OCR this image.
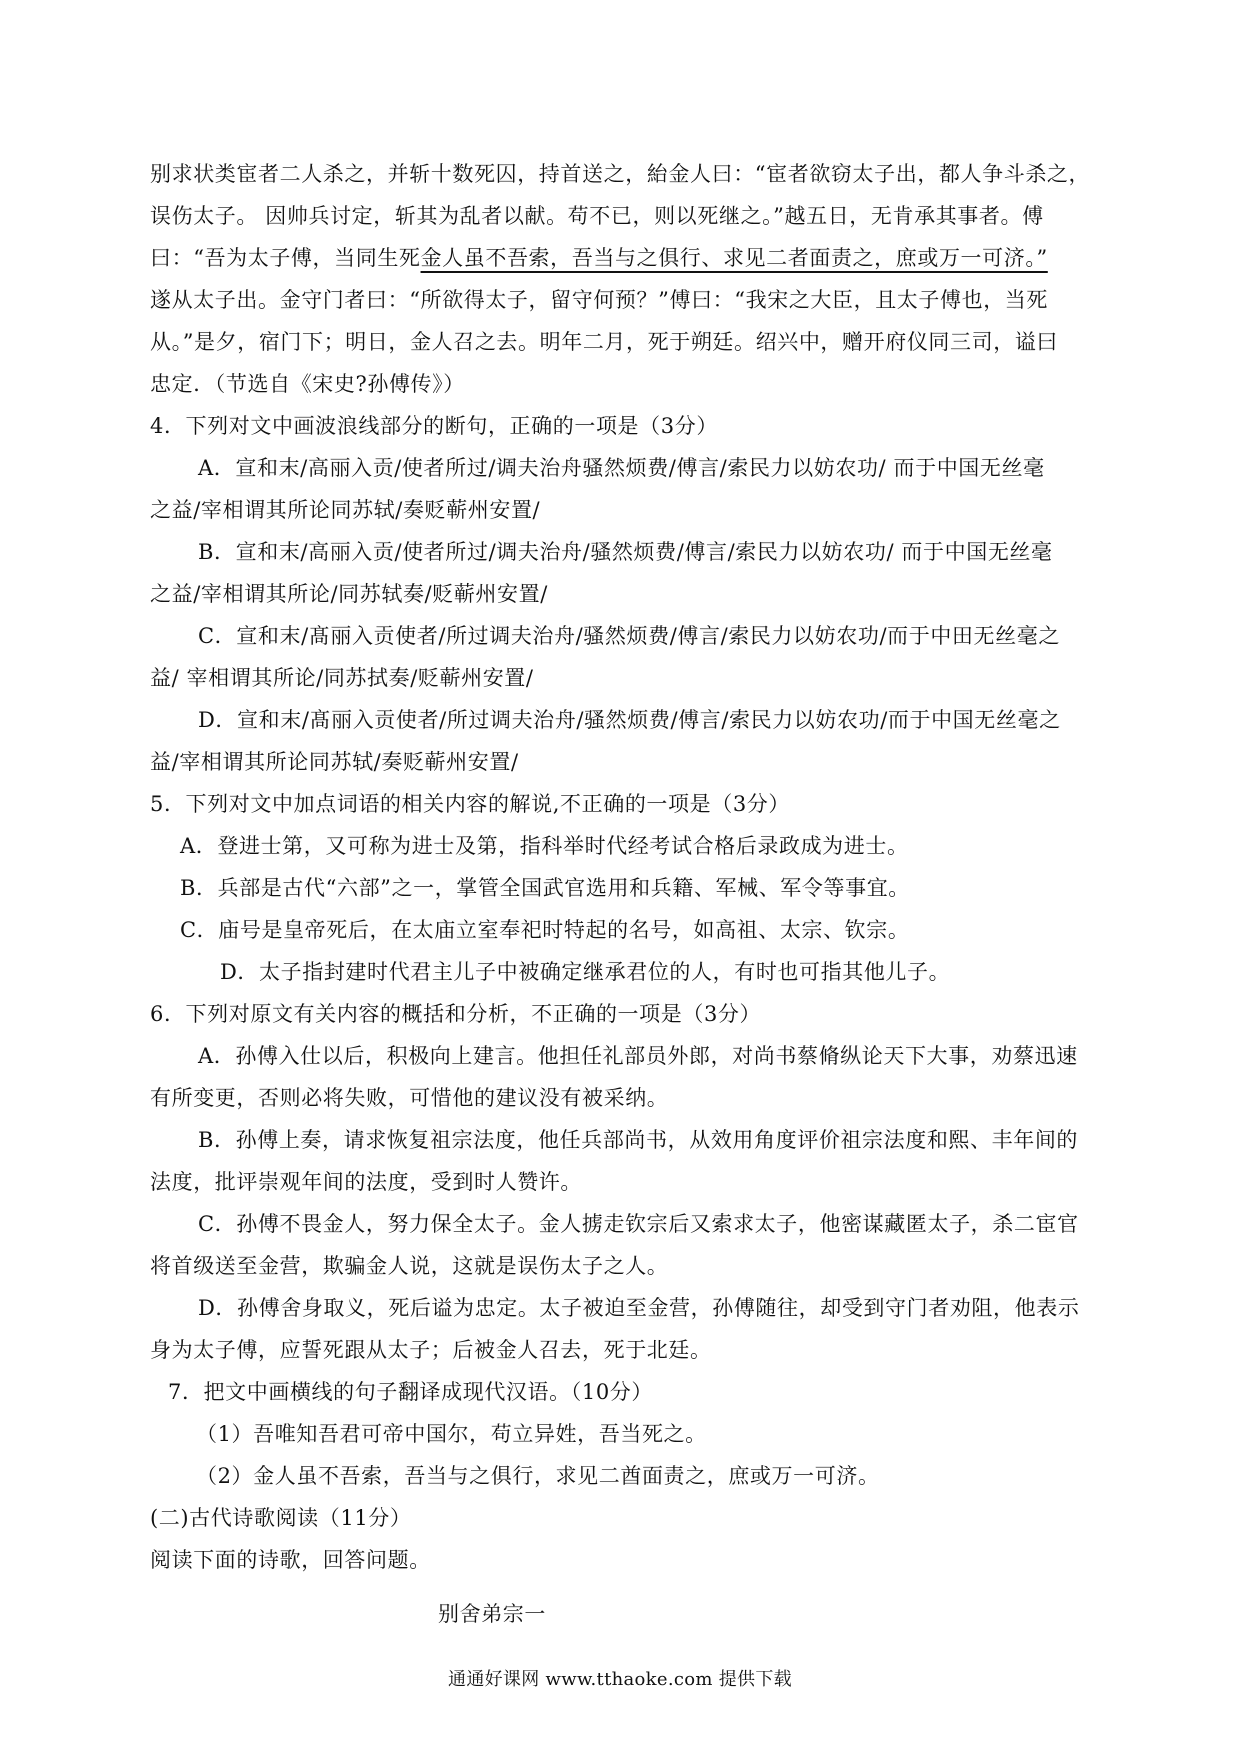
别求状类宦者二人杀之，并斩十数死囚，持首送之，紿金人曰：“宦者欲窃太子出，都人争斗杀之，
误伤太子。 因帅兵讨定，斩其为乱者以献。苟不已，则以死继之。”越五日，无肯承其事者。傅
曰：“吾为太子傅，当同生死金人虽不吾索，吾当与之俱行、求见二者面责之，庶或万一可济。”
遂从太子出。金守门者曰：“所欲得太子，留守何预？”傅曰：“我宋之大臣，且太子傅也，当死
从。”是夕，宿门下；明日，金人召之去。明年二月，死于朔廷。绍兴中，赠开府仪同三司，谥曰
忠定．（节选自《宋史?孙傅传》）
4．下列对文中画波浪线部分的断句，正确的一项是（3分）
A．宣和末/高丽入贡/使者所过/调夫治舟骚然烦费/傅言/索民力以妨农功/ 而于中国无丝毫
之益/宰相谓其所论同苏轼/奏贬蕲州安置/
B．宣和末/高丽入贡/使者所过/调夫治舟/骚然烦费/傅言/索民力以妨农功/ 而于中国无丝毫
之益/宰相谓其所论/同苏轼奏/贬蕲州安置/
C．宣和末/髙丽入贡使者/所过调夫治舟/骚然烦费/傅言/索民力以妨农功/而于中田无丝毫之
益/ 宰相谓其所论/同苏拭奏/贬蕲州安置/
D．宣和末/髙丽入贡使者/所过调夫治舟/骚然烦费/傅言/索民力以妨农功/而于中国无丝毫之
益/宰相谓其所论同苏轼/奏贬蕲州安置/
5．下列对文中加点词语的相关内容的解说,不正确的一项是（3分）
A．登进士第，又可称为进士及第，指科举时代经考试合格后录政成为进士。
B．兵部是古代“六部”之一，掌管全国武官选用和兵籍、军械、军令等事宜。
C．庙号是皇帝死后，在太庙立室奉祀时特起的名号，如高祖、太宗、钦宗。
D．太子指封建时代君主儿子中被确定继承君位的人，有时也可指其他儿子。
6．下列对原文有关内容的概括和分析，不正确的一项是（3分）
A．孙傅入仕以后，积极向上建言。他担任礼部员外郎，对尚书蔡脩纵论天下大事，劝蔡迅速
有所变更，否则必将失败，可惜他的建议没有被采纳。
B．孙傅上奏，请求恢复祖宗法度，他任兵部尚书，从效用角度评价祖宗法度和熙、丰年间的
法度，批评崇观年间的法度，受到时人赞许。
C．孙傅不畏金人，努力保全太子。金人掳走钦宗后又索求太子，他密谋藏匿太子，杀二宦官
将首级送至金营，欺骗金人说，这就是误伤太子之人。
D．孙傅舍身取义，死后谥为忠定。太子被迫至金营，孙傅随往，却受到守门者劝阻，他表示
身为太子傅，应誓死跟从太子；后被金人召去，死于北廷。
7．把文中画横线的句子翻译成现代汉语。（10分）
（1）吾唯知吾君可帝中国尔，苟立异姓，吾当死之。
（2）金人虽不吾索，吾当与之俱行，求见二酋面责之，庶或万一可济。
(二)古代诗歌阅读（11分）
阅读下面的诗歌，回答问题。
别舍弟宗一
通通好课网 www.tthaoke.com 提供下载
